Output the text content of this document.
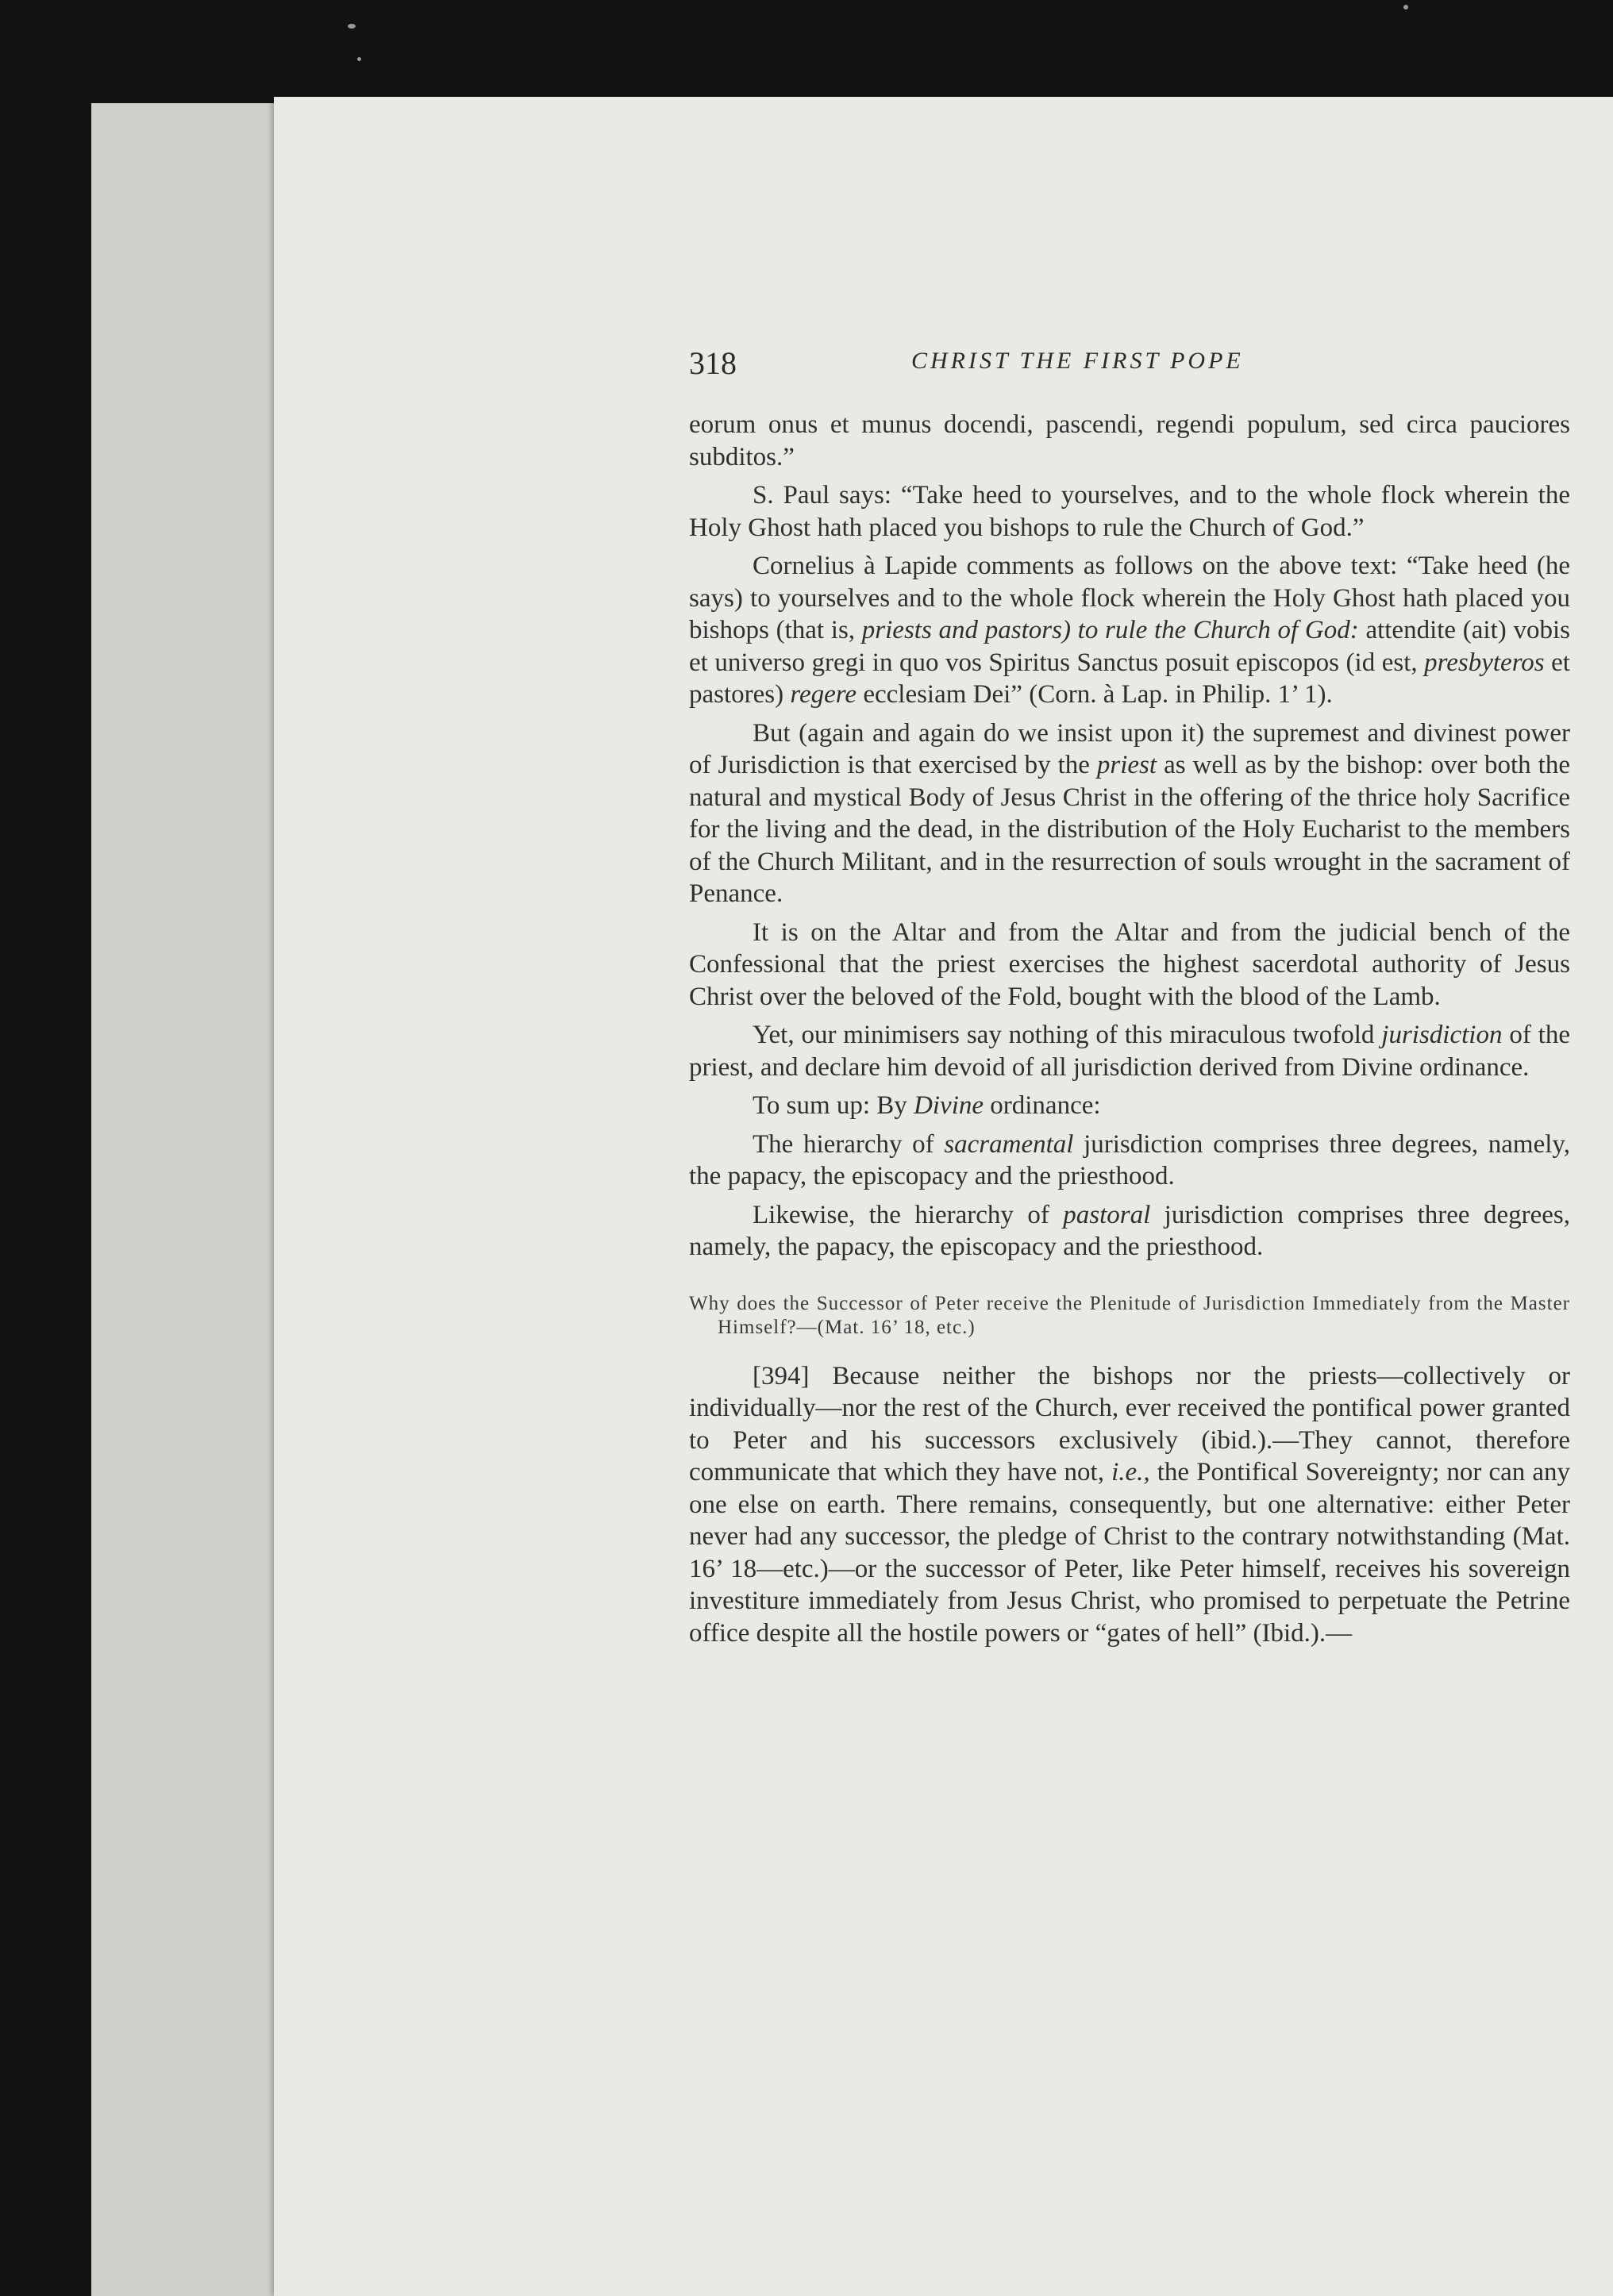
318	CHRIST THE FIRST POPE

eorum onus et munus docendi, pascendi, regendi populum, sed circa pauciores subditos.”

S. Paul says: “Take heed to yourselves, and to the whole flock wherein the Holy Ghost hath placed you bishops to rule the Church of God.”

Cornelius à Lapide comments as follows on the above text: “Take heed (he says) to yourselves and to the whole flock wherein the Holy Ghost hath placed you bishops (that is, priests and pastors) to rule the Church of God: attendite (ait) vobis et universo gregi in quo vos Spiritus Sanctus posuit episcopos (id est, presbyteros et pastores) regere ecclesiam Dei” (Corn. à Lap. in Philip. 1’ 1).

But (again and again do we insist upon it) the supremest and divinest power of Jurisdiction is that exercised by the priest as well as by the bishop: over both the natural and mystical Body of Jesus Christ in the offering of the thrice holy Sacrifice for the living and the dead, in the distribution of the Holy Eucharist to the members of the Church Militant, and in the resurrection of souls wrought in the sacrament of Penance.

It is on the Altar and from the Altar and from the judicial bench of the Confessional that the priest exercises the highest sacerdotal authority of Jesus Christ over the beloved of the Fold, bought with the blood of the Lamb.

Yet, our minimisers say nothing of this miraculous twofold jurisdiction of the priest, and declare him devoid of all jurisdiction derived from Divine ordinance.

To sum up: By Divine ordinance:

The hierarchy of sacramental jurisdiction comprises three degrees, namely, the papacy, the episcopacy and the priesthood.

Likewise, the hierarchy of pastoral jurisdiction comprises three degrees, namely, the papacy, the episcopacy and the priesthood.

Why does the Successor of Peter receive the Plenitude of Jurisdiction Immediately from the Master Himself?—(Mat. 16’ 18, etc.)

[394] Because neither the bishops nor the priests—collectively or individually—nor the rest of the Church, ever received the pontifical power granted to Peter and his successors exclusively (ibid.).—They cannot, therefore communicate that which they have not, i.e., the Pontifical Sovereignty; nor can any one else on earth. There remains, consequently, but one alternative: either Peter never had any successor, the pledge of Christ to the contrary notwithstanding (Mat. 16’ 18—etc.)—or the successor of Peter, like Peter himself, receives his sovereign investiture immediately from Jesus Christ, who promised to perpetuate the Petrine office despite all the hostile powers or “gates of hell” (Ibid.).—
